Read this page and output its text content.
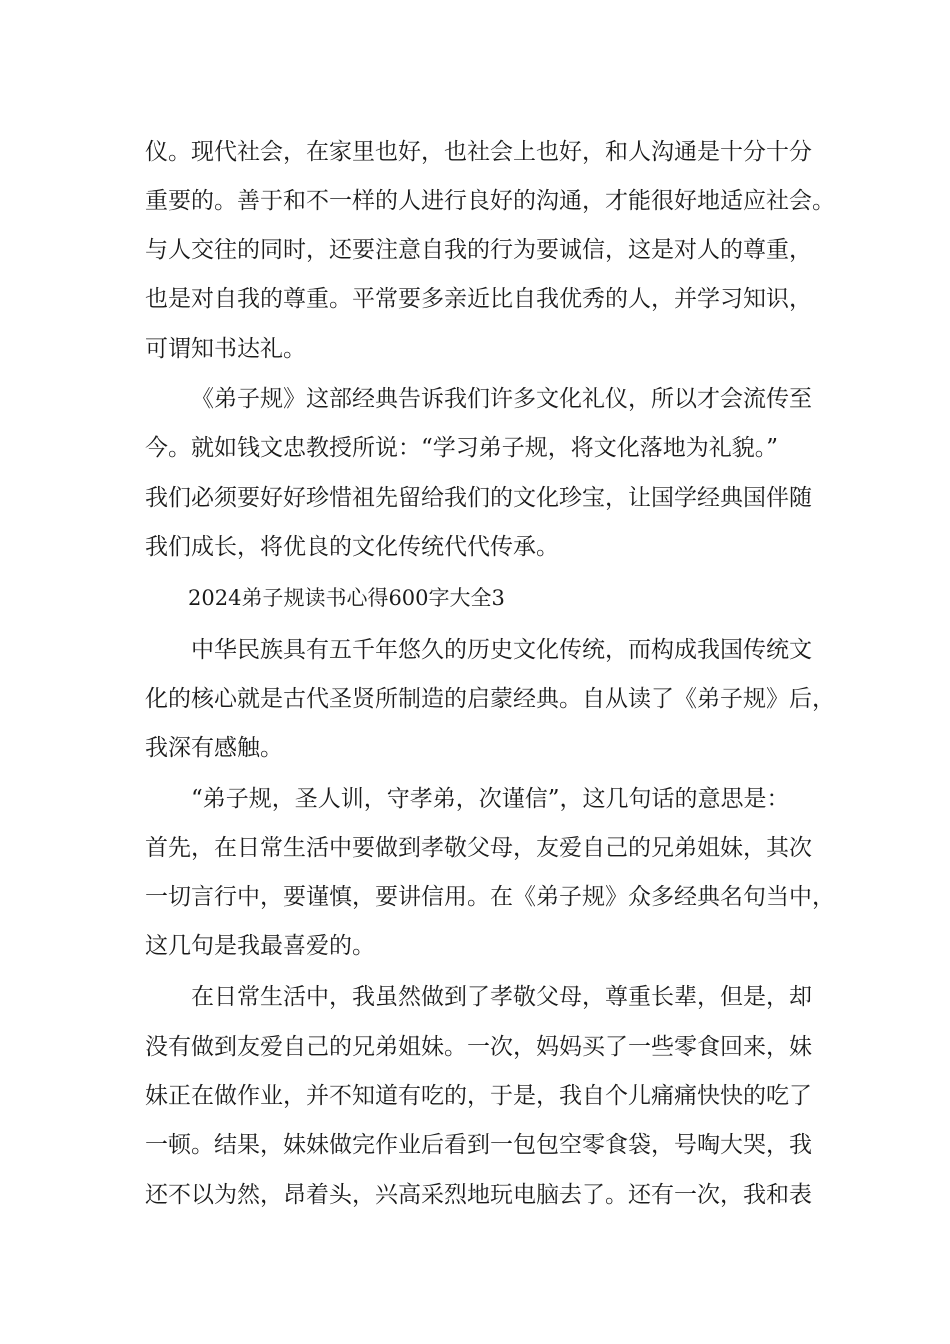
仪。现代社会，在家里也好，也社会上也好，和人沟通是十分十分
重要的。善于和不一样的人进行良好的沟通，才能很好地适应社会。
与人交往的同时，还要注意自我的行为要诚信，这是对人的尊重，
也是对自我的尊重。平常要多亲近比自我优秀的人，并学习知识，
可谓知书达礼。
《弟子规》这部经典告诉我们许多文化礼仪，所以才会流传至
今。就如钱文忠教授所说：“学习弟子规，将文化落地为礼貌。”
我们必须要好好珍惜祖先留给我们的文化珍宝，让国学经典国伴随
我们成长，将优良的文化传统代代传承。
2024弟子规读书心得600字大全3
中华民族具有五千年悠久的历史文化传统，而构成我国传统文
化的核心就是古代圣贤所制造的启蒙经典。自从读了《弟子规》后，
我深有感触。
“弟子规，圣人训，守孝弟，次谨信”，这几句话的意思是：
首先，在日常生活中要做到孝敬父母，友爱自己的兄弟姐妹，其次
一切言行中，要谨慎，要讲信用。在《弟子规》众多经典名句当中，
这几句是我最喜爱的。
在日常生活中，我虽然做到了孝敬父母，尊重长辈，但是，却
没有做到友爱自己的兄弟姐妹。一次，妈妈买了一些零食回来，妹
妹正在做作业，并不知道有吃的，于是，我自个儿痛痛快快的吃了
一顿。结果，妹妹做完作业后看到一包包空零食袋，号啕大哭，我
还不以为然，昂着头，兴高采烈地玩电脑去了。还有一次，我和表
